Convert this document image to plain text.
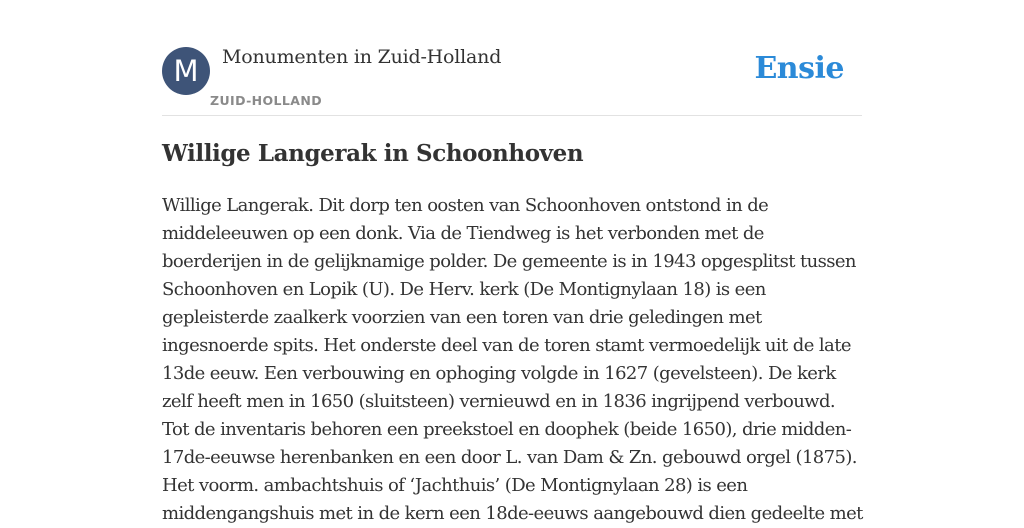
M	Monumenten in Zuid-Holland
ZUID-HOLLAND
Ensie
Willige Langerak in Schoonhoven
Willige Langerak. Dit dorp ten oosten van Schoonhoven ontstond in de
middeleeuwen op een donk. Via de Tiendweg is het verbonden met de
boerderijen in de gelijknamige polder. De gemeente is in 1943 opgesplitst tussen
Schoonhoven en Lopik (U). De Herv. kerk (De Montignylaan 18) is een
gepleisterde zaalkerk voorzien van een toren van drie geledingen met
ingesnoerde spits. Het onderste deel van de toren stamt vermoedelijk uit de late
13de eeuw. Een verbouwing en ophoging volgde in 1627 (gevelsteen). De kerk
zelf heeft men in 1650 (sluitsteen) vernieuwd en in 1836 ingrijpend verbouwd.
Tot de inventaris behoren een preekstoel en doophek (beide 1650), drie midden-
17de-eeuwse herenbanken en een door L. van Dam & Zn. gebouwd orgel (1875).
Het voorm. ambachtshuis of ‘Jachthuis’ (De Montignylaan 28) is een
middengangshuis met in de kern een 18de-eeuws aangebouwd dien gedeelte met
